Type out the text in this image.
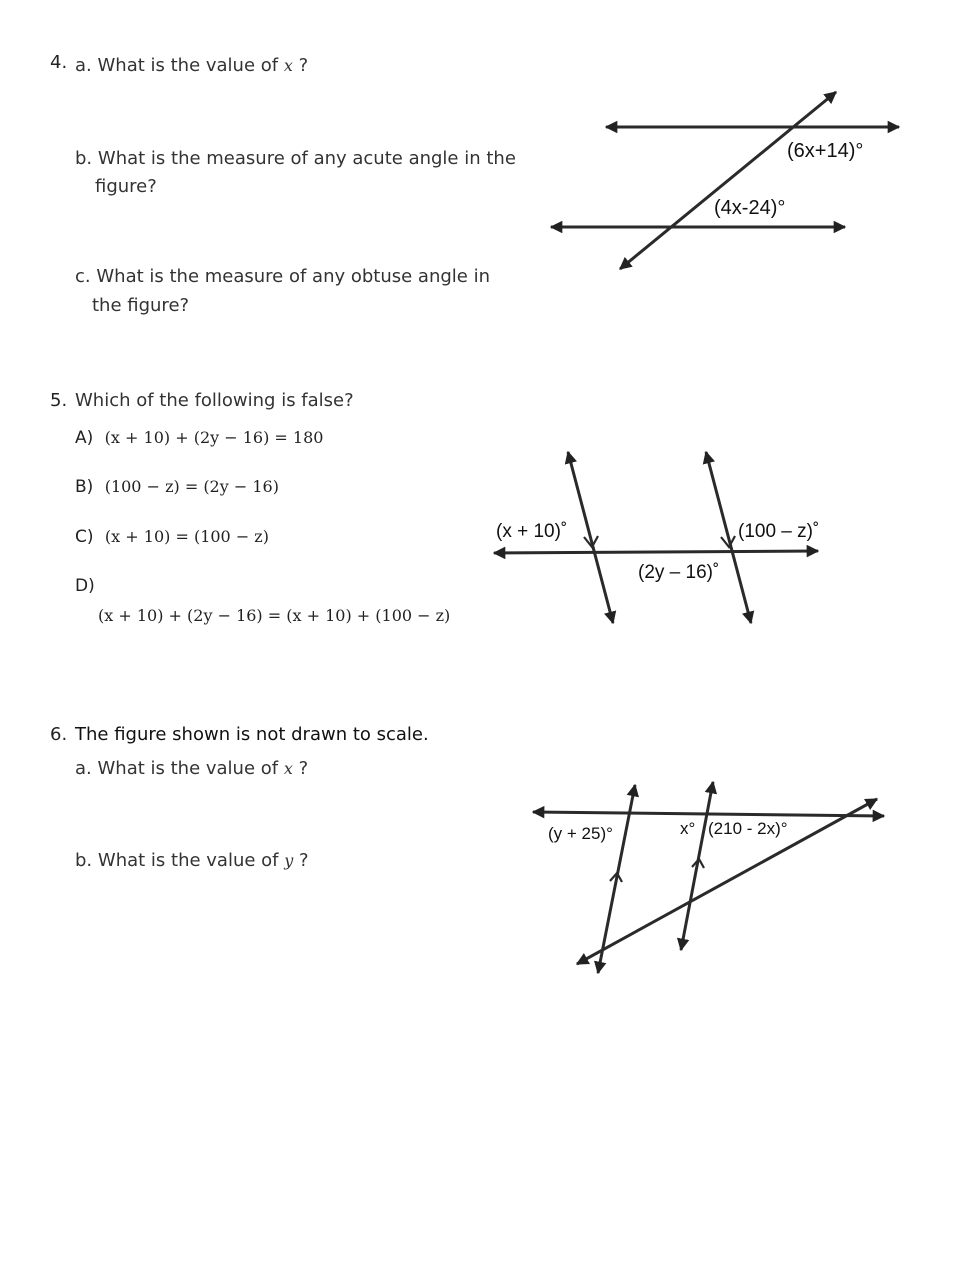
4. a. What is the value of x ?
b. What is the measure of any acute angle in the
figure?
c. What is the measure of any obtuse angle in
the figure?
5. Which of the following is false?
A) (x + 10) + (2y − 16) = 180
B) (100 − z) = (2y − 16)
C) (x + 10) = (100 − z)
D)
(x + 10) + (2y − 16) = (x + 10) + (100 − z)
6. The figure shown is not drawn to scale.
a. What is the value of x ?
b. What is the value of y ?
(6x+14)°
(4x-24)°
(x + 10)˚	(100 – z)˚
(2y – 16)˚
(y + 25)°	x° (210 - 2x)°
